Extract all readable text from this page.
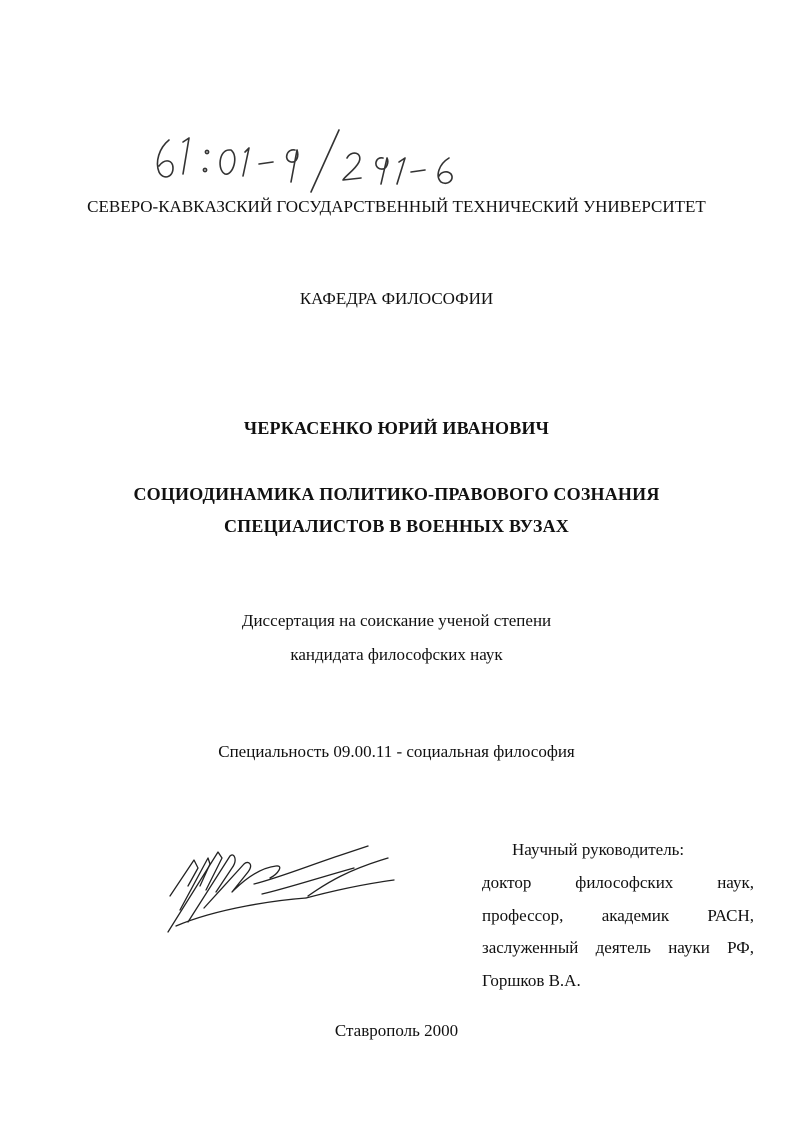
СЕВЕРО-КАВКАЗСКИЙ ГОСУДАРСТВЕННЫЙ ТЕХНИЧЕСКИЙ УНИВЕРСИТЕТ
КАФЕДРА ФИЛОСОФИИ
ЧЕРКАСЕНКО ЮРИЙ ИВАНОВИЧ
СОЦИОДИНАМИКА ПОЛИТИКО-ПРАВОВОГО СОЗНАНИЯ
СПЕЦИАЛИСТОВ В ВОЕННЫХ ВУЗАХ
Диссертация на соискание ученой степени
кандидата философских наук
Специальность 09.00.11 - социальная философия
Научный руководитель:
доктор философских наук,
профессор, академик РАСН,
заслуженный деятель науки РФ,
Горшков В.А.
Ставрополь 2000
